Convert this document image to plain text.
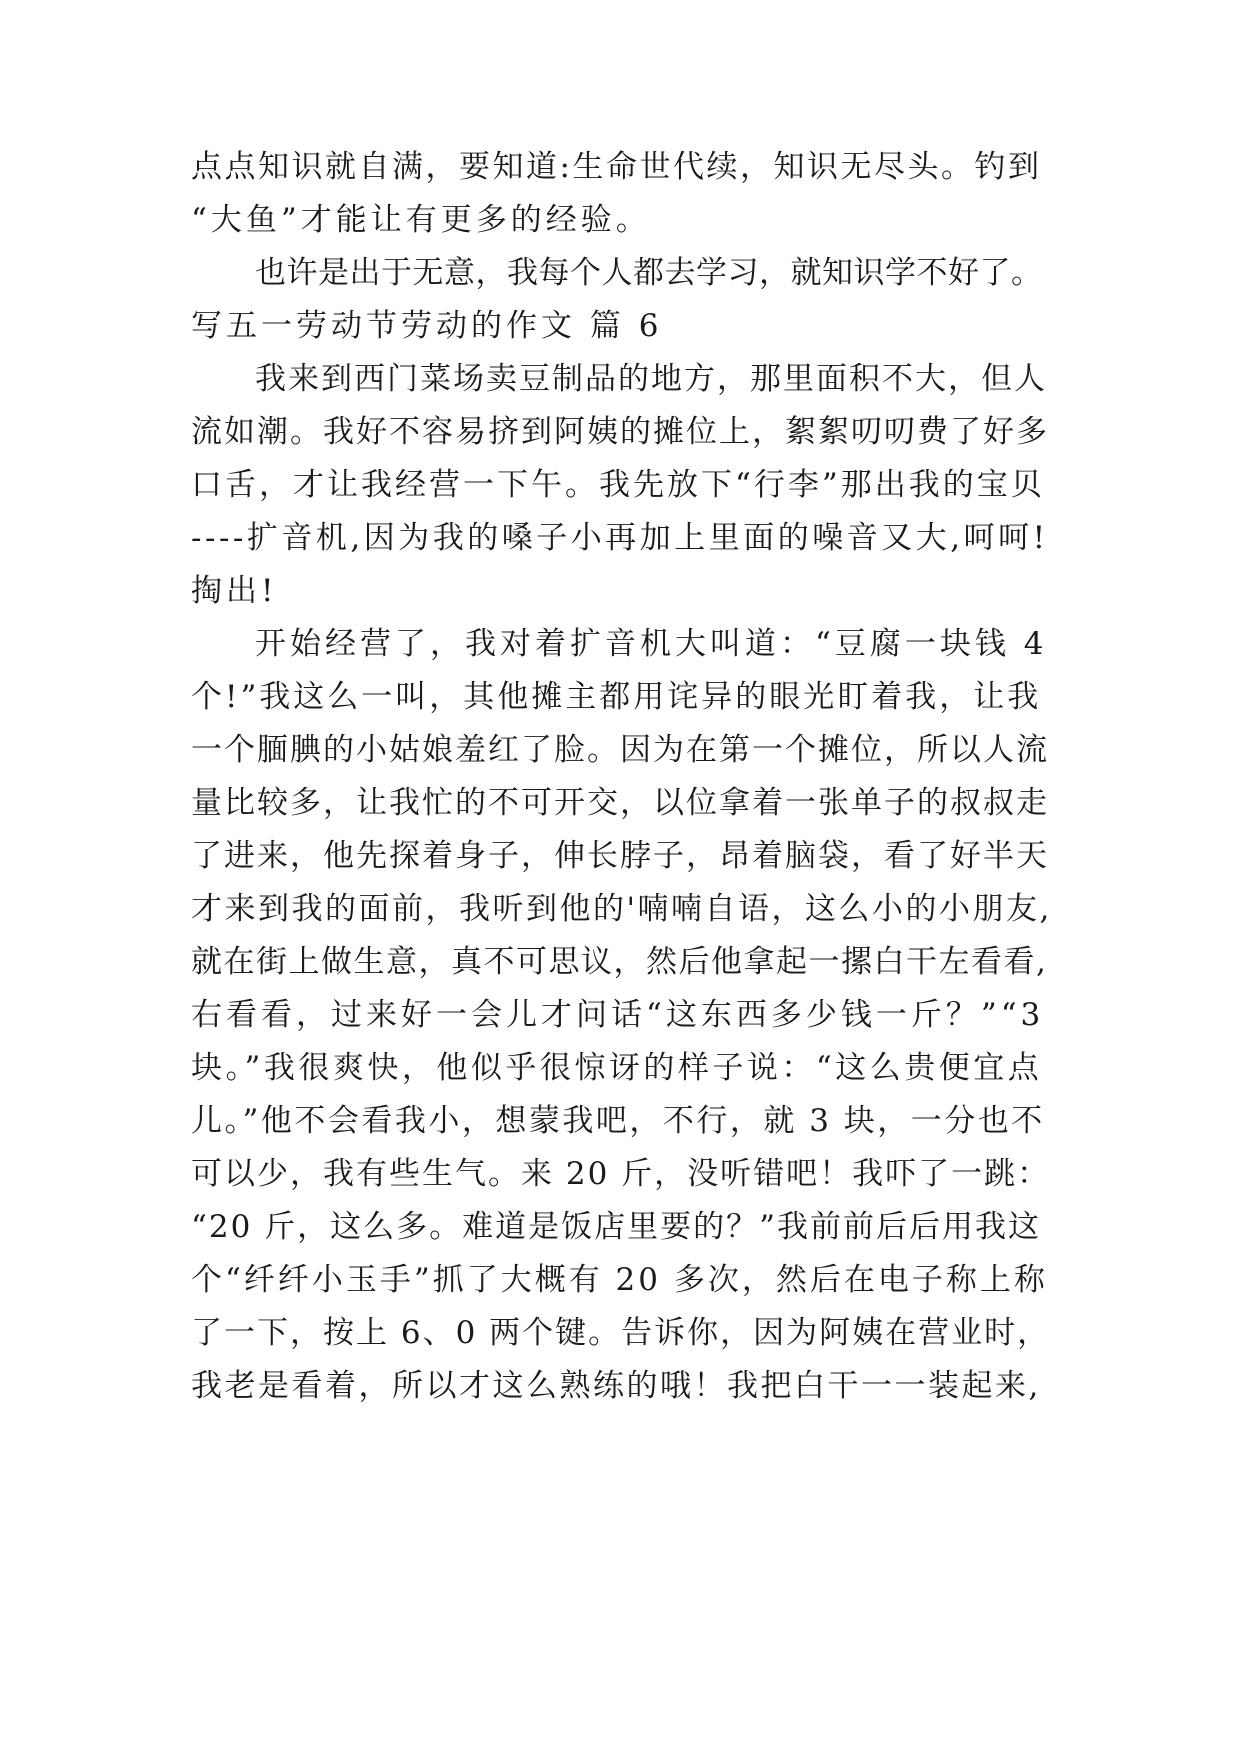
点点知识就自满，要知道:生命世代续，知识无尽头。钓到
“大鱼”才能让有更多的经验。
也许是出于无意，我每个人都去学习，就知识学不好了。
写五一劳动节劳动的作文 篇 6
我来到西门菜场卖豆制品的地方，那里面积不大，但人
流如潮。我好不容易挤到阿姨的摊位上，絮絮叨叨费了好多
口舌，才让我经营一下午。我先放下“行李”那出我的宝贝
----扩音机,因为我的嗓子小再加上里面的噪音又大,呵呵!
掏出!
开始经营了，我对着扩音机大叫道：“豆腐一块钱 4
个!”我这么一叫，其他摊主都用诧异的眼光盯着我，让我
一个腼腆的小姑娘羞红了脸。因为在第一个摊位，所以人流
量比较多，让我忙的不可开交，以位拿着一张单子的叔叔走
了进来，他先探着身子，伸长脖子，昂着脑袋，看了好半天
才来到我的面前，我听到他的'喃喃自语，这么小的小朋友,
就在街上做生意，真不可思议，然后他拿起一摞白干左看看,
右看看，过来好一会儿才问话“这东西多少钱一斤？”“3
块。”我很爽快，他似乎很惊讶的样子说：“这么贵便宜点
儿。”他不会看我小，想蒙我吧，不行，就 3 块，一分也不
可以少，我有些生气。来 20 斤，没听错吧！我吓了一跳：
“20 斤，这么多。难道是饭店里要的？”我前前后后用我这
个“纤纤小玉手”抓了大概有 20 多次，然后在电子称上称
了一下，按上 6、0 两个键。告诉你，因为阿姨在营业时，
我老是看着，所以才这么熟练的哦！我把白干一一装起来,
